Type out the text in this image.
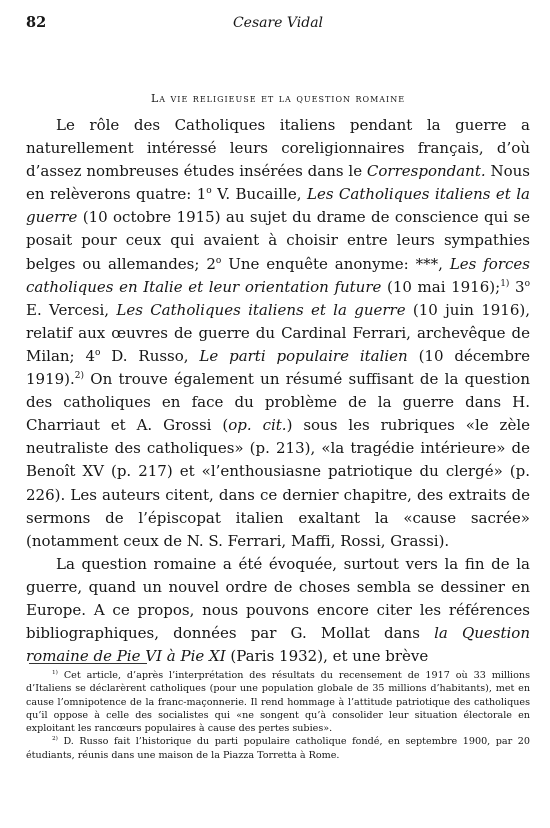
82	Cesare Vidal
La vie religieuse et la question romaine

Le rôle des Catholiques italiens pendant la guerre a naturellement intéressé leurs coreligionnaires français, d’où d’assez nombreuses études insérées dans le Correspondant. Nous en relèverons quatre: 1$^o$ V. Bucaille, Les Catholiques italiens et la guerre (10 octobre 1915) au sujet du drame de conscience qui se posait pour ceux qui avaient à choisir entre leurs sympathies belges ou allemandes; 2$^o$ Une enquête anonyme: ***, Les forces catholiques en Italie et leur orientation future (10 mai 1916);$^{1)}$ 3$^o$ E. Vercesi, Les Catholiques italiens et la guerre (10 juin 1916), relatif aux œuvres de guerre du Cardinal Ferrari, archevêque de Milan; 4$^o$ D. Russo, Le parti populaire italien (10 décembre 1919).$^{2)}$ On trouve également un résumé suffisant de la question des catholiques en face du problème de la guerre dans H. Charriaut et A. Grossi (op. cit.) sous les rubriques «le zèle neutraliste des catholiques» (p. 213), «la tragédie intérieure» de Benoît XV (p. 217) et «l’enthousiasne patriotique du clergé» (p. 226). Les auteurs citent, dans ce dernier chapitre, des extraits de sermons de l’épiscopat italien exaltant la «cause sacrée» (notamment ceux de N. S. Ferrari, Maffi, Rossi, Grassi).

La question romaine a été évoquée, surtout vers la fin de la guerre, quand un nouvel ordre de choses sembla se dessiner en Europe. A ce propos, nous pouvons encore citer les références bibliographiques, données par G. Mollat dans la Question romaine de Pie VI à Pie XI (Paris 1932), et une brève

$^{1)}$ Cet article, d’après l’interprétation des résultats du recensement de 1917 où 33 millions d’Italiens se déclarèrent catholiques (pour une population globale de 35 millions d’habitants), met en cause l’omnipotence de la franc-maçonnerie. Il rend hommage à l’attitude patriotique des catholiques qu’il oppose à celle des socialistes qui «ne songent qu’à consolider leur situation électorale en exploitant les rancœurs populaires à cause des pertes subies».

$^{2)}$ D. Russo fait l’historique du parti populaire catholique fondé, en septembre 1900, par 20 étudiants, réunis dans une maison de la Piazza Torretta à Rome.
